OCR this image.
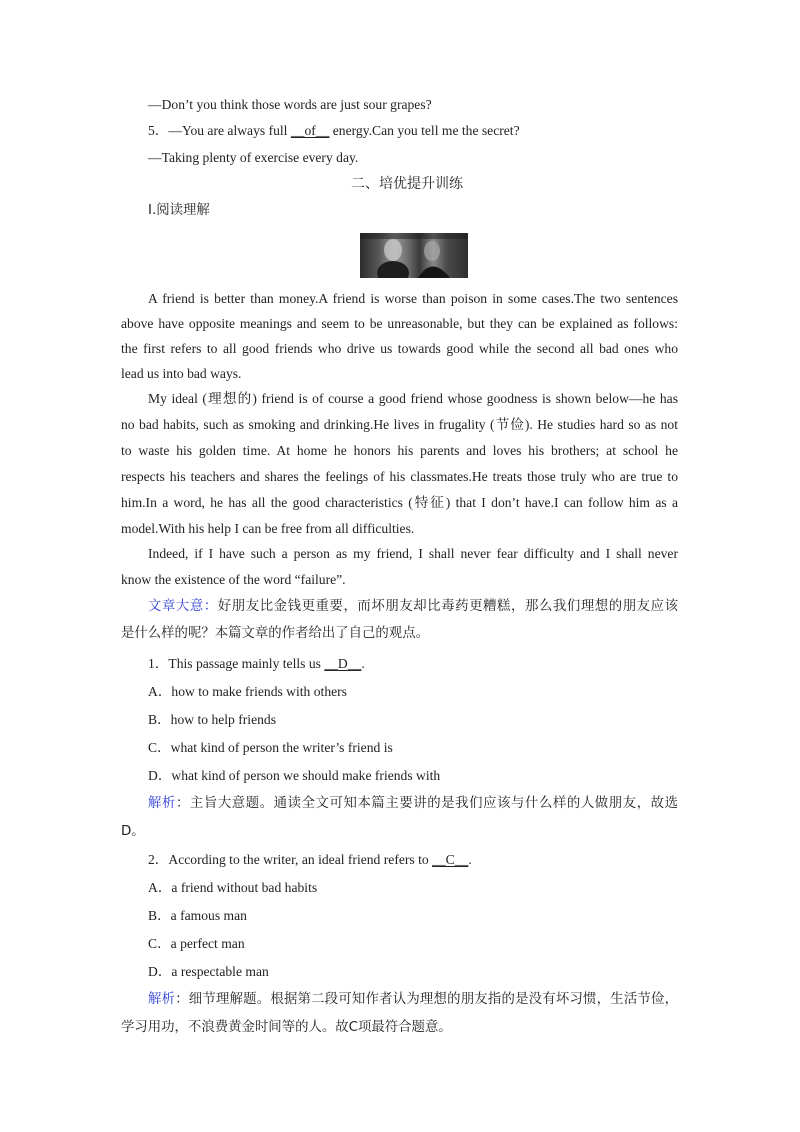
—Don’t you think those words are just sour grapes?
5．—You are always full __of__ energy.Can you tell me the secret?
—Taking plenty of exercise every day.
二、培优提升训练
Ⅰ.阅读理解
A friend is better than money.A friend is worse than poison in some cases.The two sentences
above have opposite meanings and seem to be unreasonable, but they can be explained as follows:
the first refers to all good friends who drive us towards good while the second all bad ones who
lead us into bad ways.
My ideal (理想的) friend is of course a good friend whose goodness is shown below—he has
no bad habits, such as smoking and drinking.He lives in frugality (节俭). He studies hard so as not
to waste his golden time. At home he honors his parents and loves his brothers; at school he
respects his teachers and shares the feelings of his classmates.He treats those truly who are true to
him.In a word, he has all the good characteristics (特征) that I don’t have.I can follow him as a
model.With his help I can be free from all difficulties.
Indeed, if I have such a person as my friend, I shall never fear difficulty and I shall never
know the existence of the word “failure”.
文章大意：好朋友比金钱更重要，而坏朋友却比毒药更糟糕，那么我们理想的朋友应该
是什么样的呢？本篇文章的作者给出了自己的观点。
1．This passage mainly tells us __D__.
A．how to make friends with others
B．how to help friends
C．what kind of person the writer’s friend is
D．what kind of person we should make friends with
解析：主旨大意题。通读全文可知本篇主要讲的是我们应该与什么样的人做朋友，故选
D。
2．According to the writer, an ideal friend refers to __C__.
A．a friend without bad habits
B．a famous man
C．a perfect man
D．a respectable man
解析：细节理解题。根据第二段可知作者认为理想的朋友指的是没有坏习惯，生活节俭，
学习用功，不浪费黄金时间等的人。故C项最符合题意。
